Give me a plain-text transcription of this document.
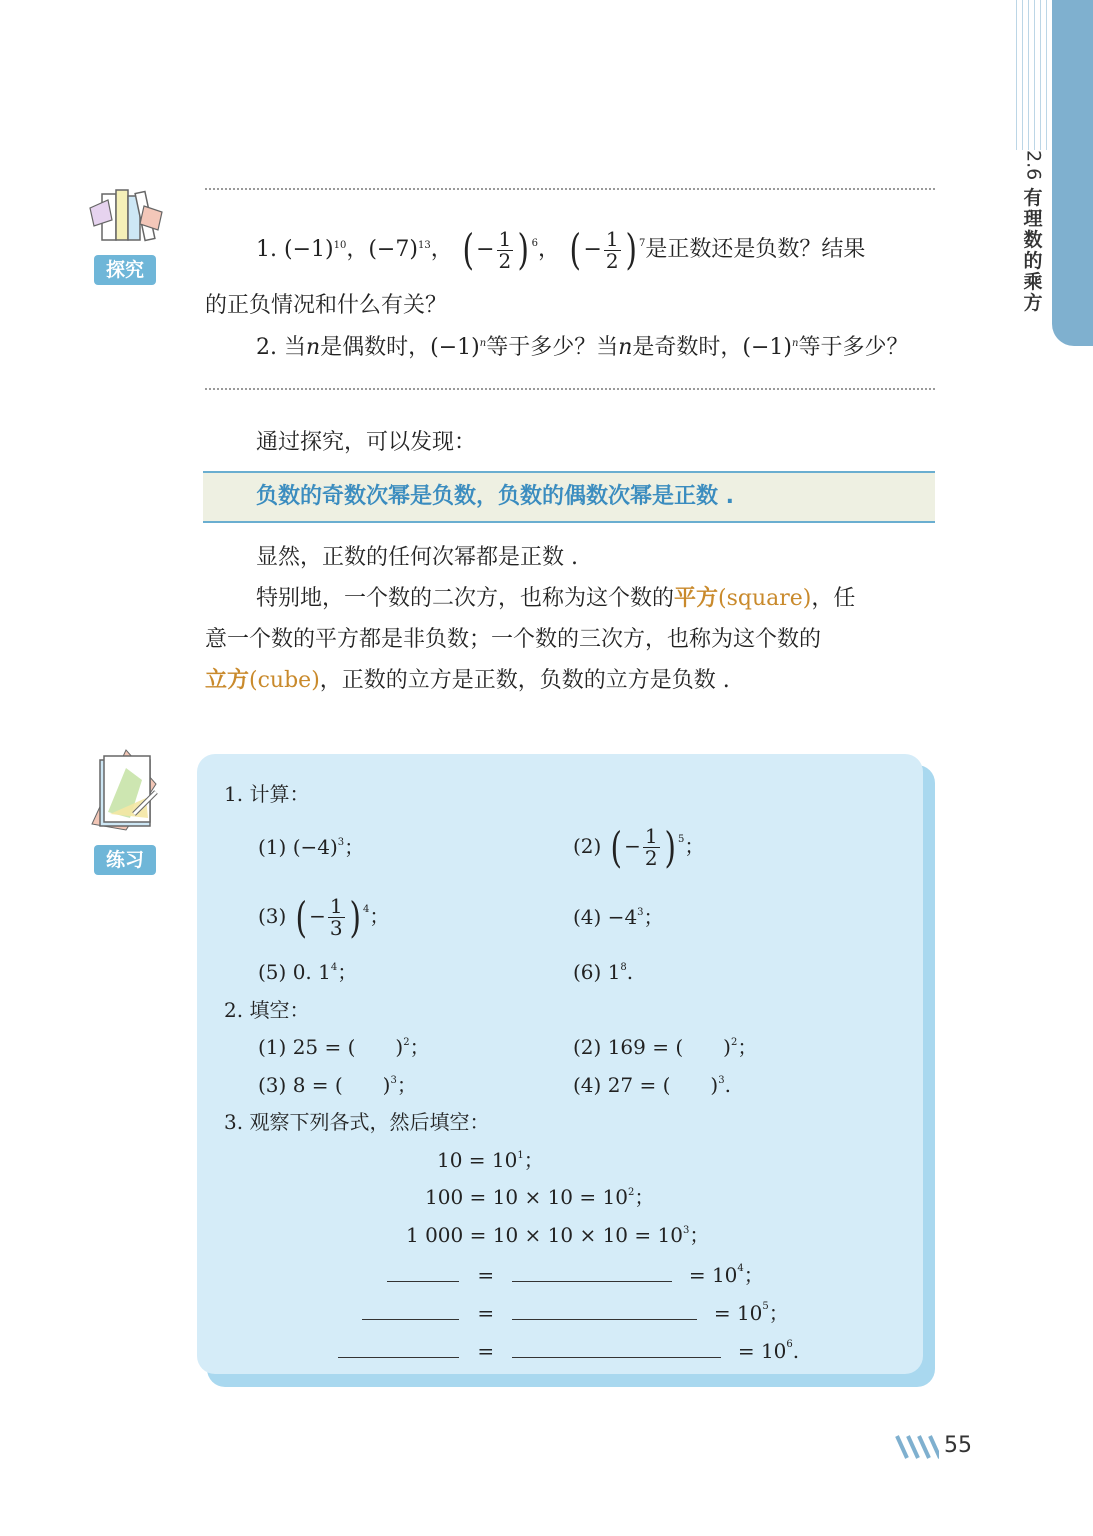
2.6
有
理
数
的
乘
方
探究
1. $(-1)^{10}$，$(-7)^{13}$， ( − $\frac{1}{2}$ ) $^6$， ( − $\frac{1}{2}$ ) $^7$是正数还是负数？结果
的正负情况和什么有关？
2. 当n是偶数时，$(-1)^n$等于多少？当n是奇数时，$(-1)^n$等于多少？
通过探究，可以发现：
负数的奇数次幂是负数，负数的偶数次幂是正数 .
显然，正数的任何次幂都是正数 .
特别地，一个数的二次方，也称为这个数的平方(square)，任
意一个数的平方都是非负数；一个数的三次方，也称为这个数的
立方(cube)，正数的立方是正数，负数的立方是负数 .
练习
1. 计算：
(1) $(-4)^3$；	(2) ( − $\frac{1}{2}$ ) $^5$；
(3) ( − $\frac{1}{3}$ ) $^4$；	$(4) -4^3$；
(5) 0. $1^4$；	(6) $1^8$.
2. 填空：
(1) 25 = (　　)$^2$；	(2) 169 = (　　)$^2$；
(3) 8 = (　　)$^3$；	(4) 27 = (　　)$^3$.
3. 观察下列各式，然后填空：
$10 = 10^1$；
$100 = 10 \times 10 = 10^2$；
1 $000 = 10 \times 10 \times 10 = 10^3$；
=	= $10^4$；
=	= $10^5$；
=	= $10^6$.
55
